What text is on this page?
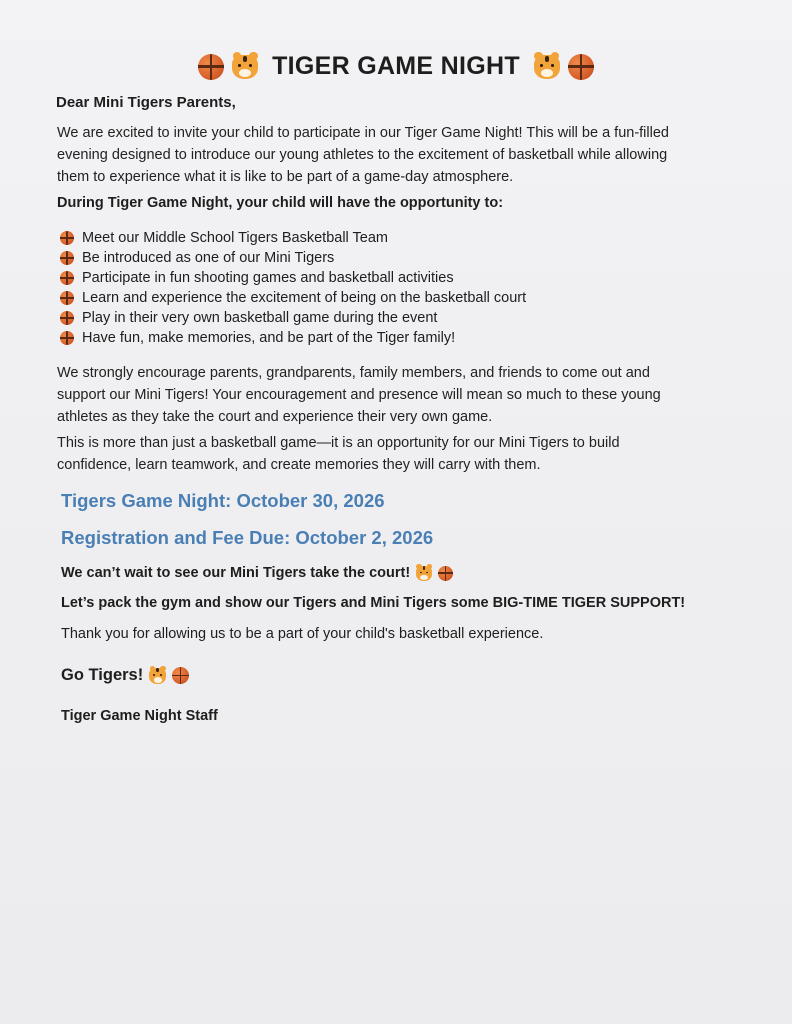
TIGER GAME NIGHT
Dear Mini Tigers Parents,
We are excited to invite your child to participate in our Tiger Game Night! This will be a fun-filled
evening designed to introduce our young athletes to the excitement of basketball while allowing
them to experience what it is like to be part of a game-day atmosphere.
During Tiger Game Night, your child will have the opportunity to:
Meet our Middle School Tigers Basketball Team
Be introduced as one of our Mini Tigers
Participate in fun shooting games and basketball activities
Learn and experience the excitement of being on the basketball court
Play in their very own basketball game during the event
Have fun, make memories, and be part of the Tiger family!
We strongly encourage parents, grandparents, family members, and friends to come out and
support our Mini Tigers! Your encouragement and presence will mean so much to these young
athletes as they take the court and experience their very own game.
This is more than just a basketball game—it is an opportunity for our Mini Tigers to build
confidence, learn teamwork, and create memories they will carry with them.
Tigers Game Night: October 30, 2026
Registration and Fee Due: October 2, 2026
We can’t wait to see our Mini Tigers take the court!
Let’s pack the gym and show our Tigers and Mini Tigers some BIG-TIME TIGER SUPPORT!
Thank you for allowing us to be a part of your child's basketball experience.
Go Tigers!
Tiger Game Night Staff
